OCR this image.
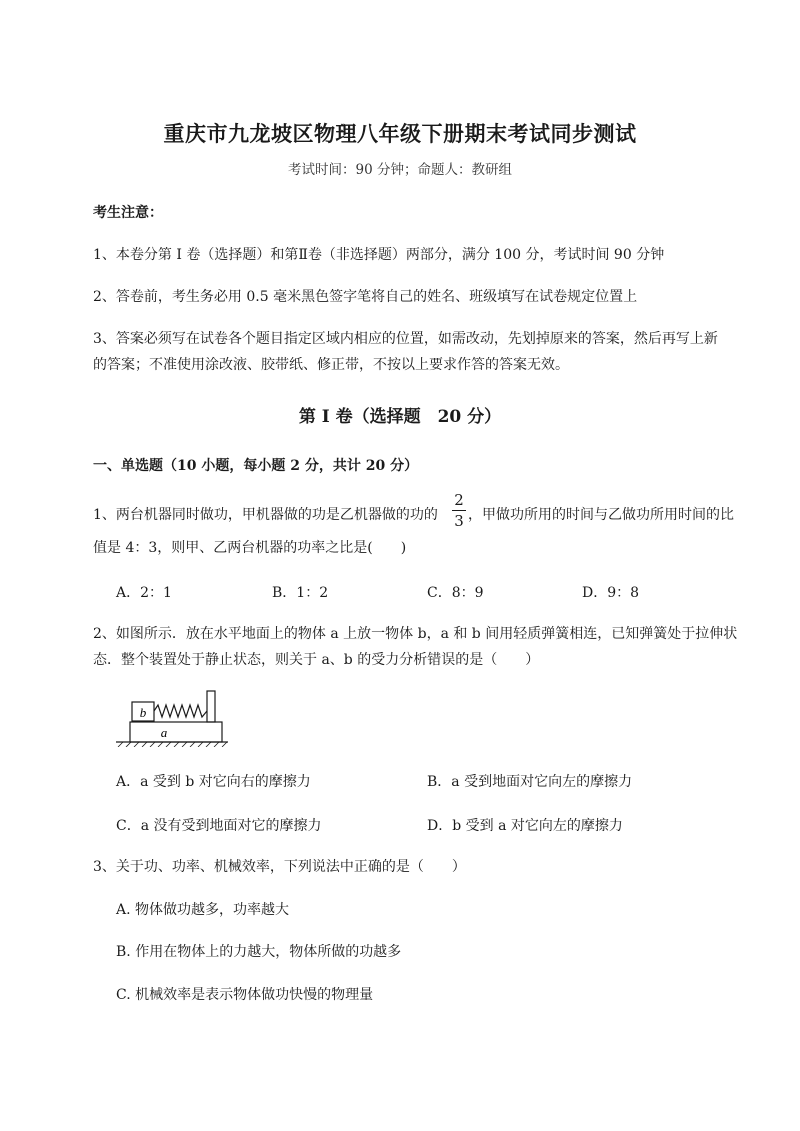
重庆市九龙坡区物理八年级下册期末考试同步测试
考试时间：90 分钟；命题人：教研组
考生注意：
1、本卷分第 I 卷（选择题）和第Ⅱ卷（非选择题）两部分，满分 100 分，考试时间 90 分钟
2、答卷前，考生务必用 0.5 毫米黑色签字笔将自己的姓名、班级填写在试卷规定位置上
3、答案必须写在试卷各个题目指定区域内相应的位置，如需改动，先划掉原来的答案，然后再写上新
的答案；不准使用涂改液、胶带纸、修正带，不按以上要求作答的答案无效。
第 I 卷（选择题　20 分）
一、单选题（10 小题，每小题 2 分，共计 20 分）
1、两台机器同时做功，甲机器做的功是乙机器做的功的
2
3 ，甲做功所用的时间与乙做功所用时间的比
值是 4：3，则甲、乙两台机器的功率之比是(　　)
A．2：1	B．1：2	C．8：9	D．9：8
2、如图所示．放在水平地面上的物体 a 上放一物体 b，a 和 b 间用轻质弹簧相连，已知弹簧处于拉伸状
态．整个装置处于静止状态，则关于 a、b 的受力分析错误的是（　　）
b
a
A．a 受到 b 对它向右的摩擦力	B．a 受到地面对它向左的摩擦力
C．a 没有受到地面对它的摩擦力	D．b 受到 a 对它向左的摩擦力
3、关于功、功率、机械效率，下列说法中正确的是（　　）
A. 物体做功越多，功率越大
B. 作用在物体上的力越大，物体所做的功越多
C. 机械效率是表示物体做功快慢的物理量
